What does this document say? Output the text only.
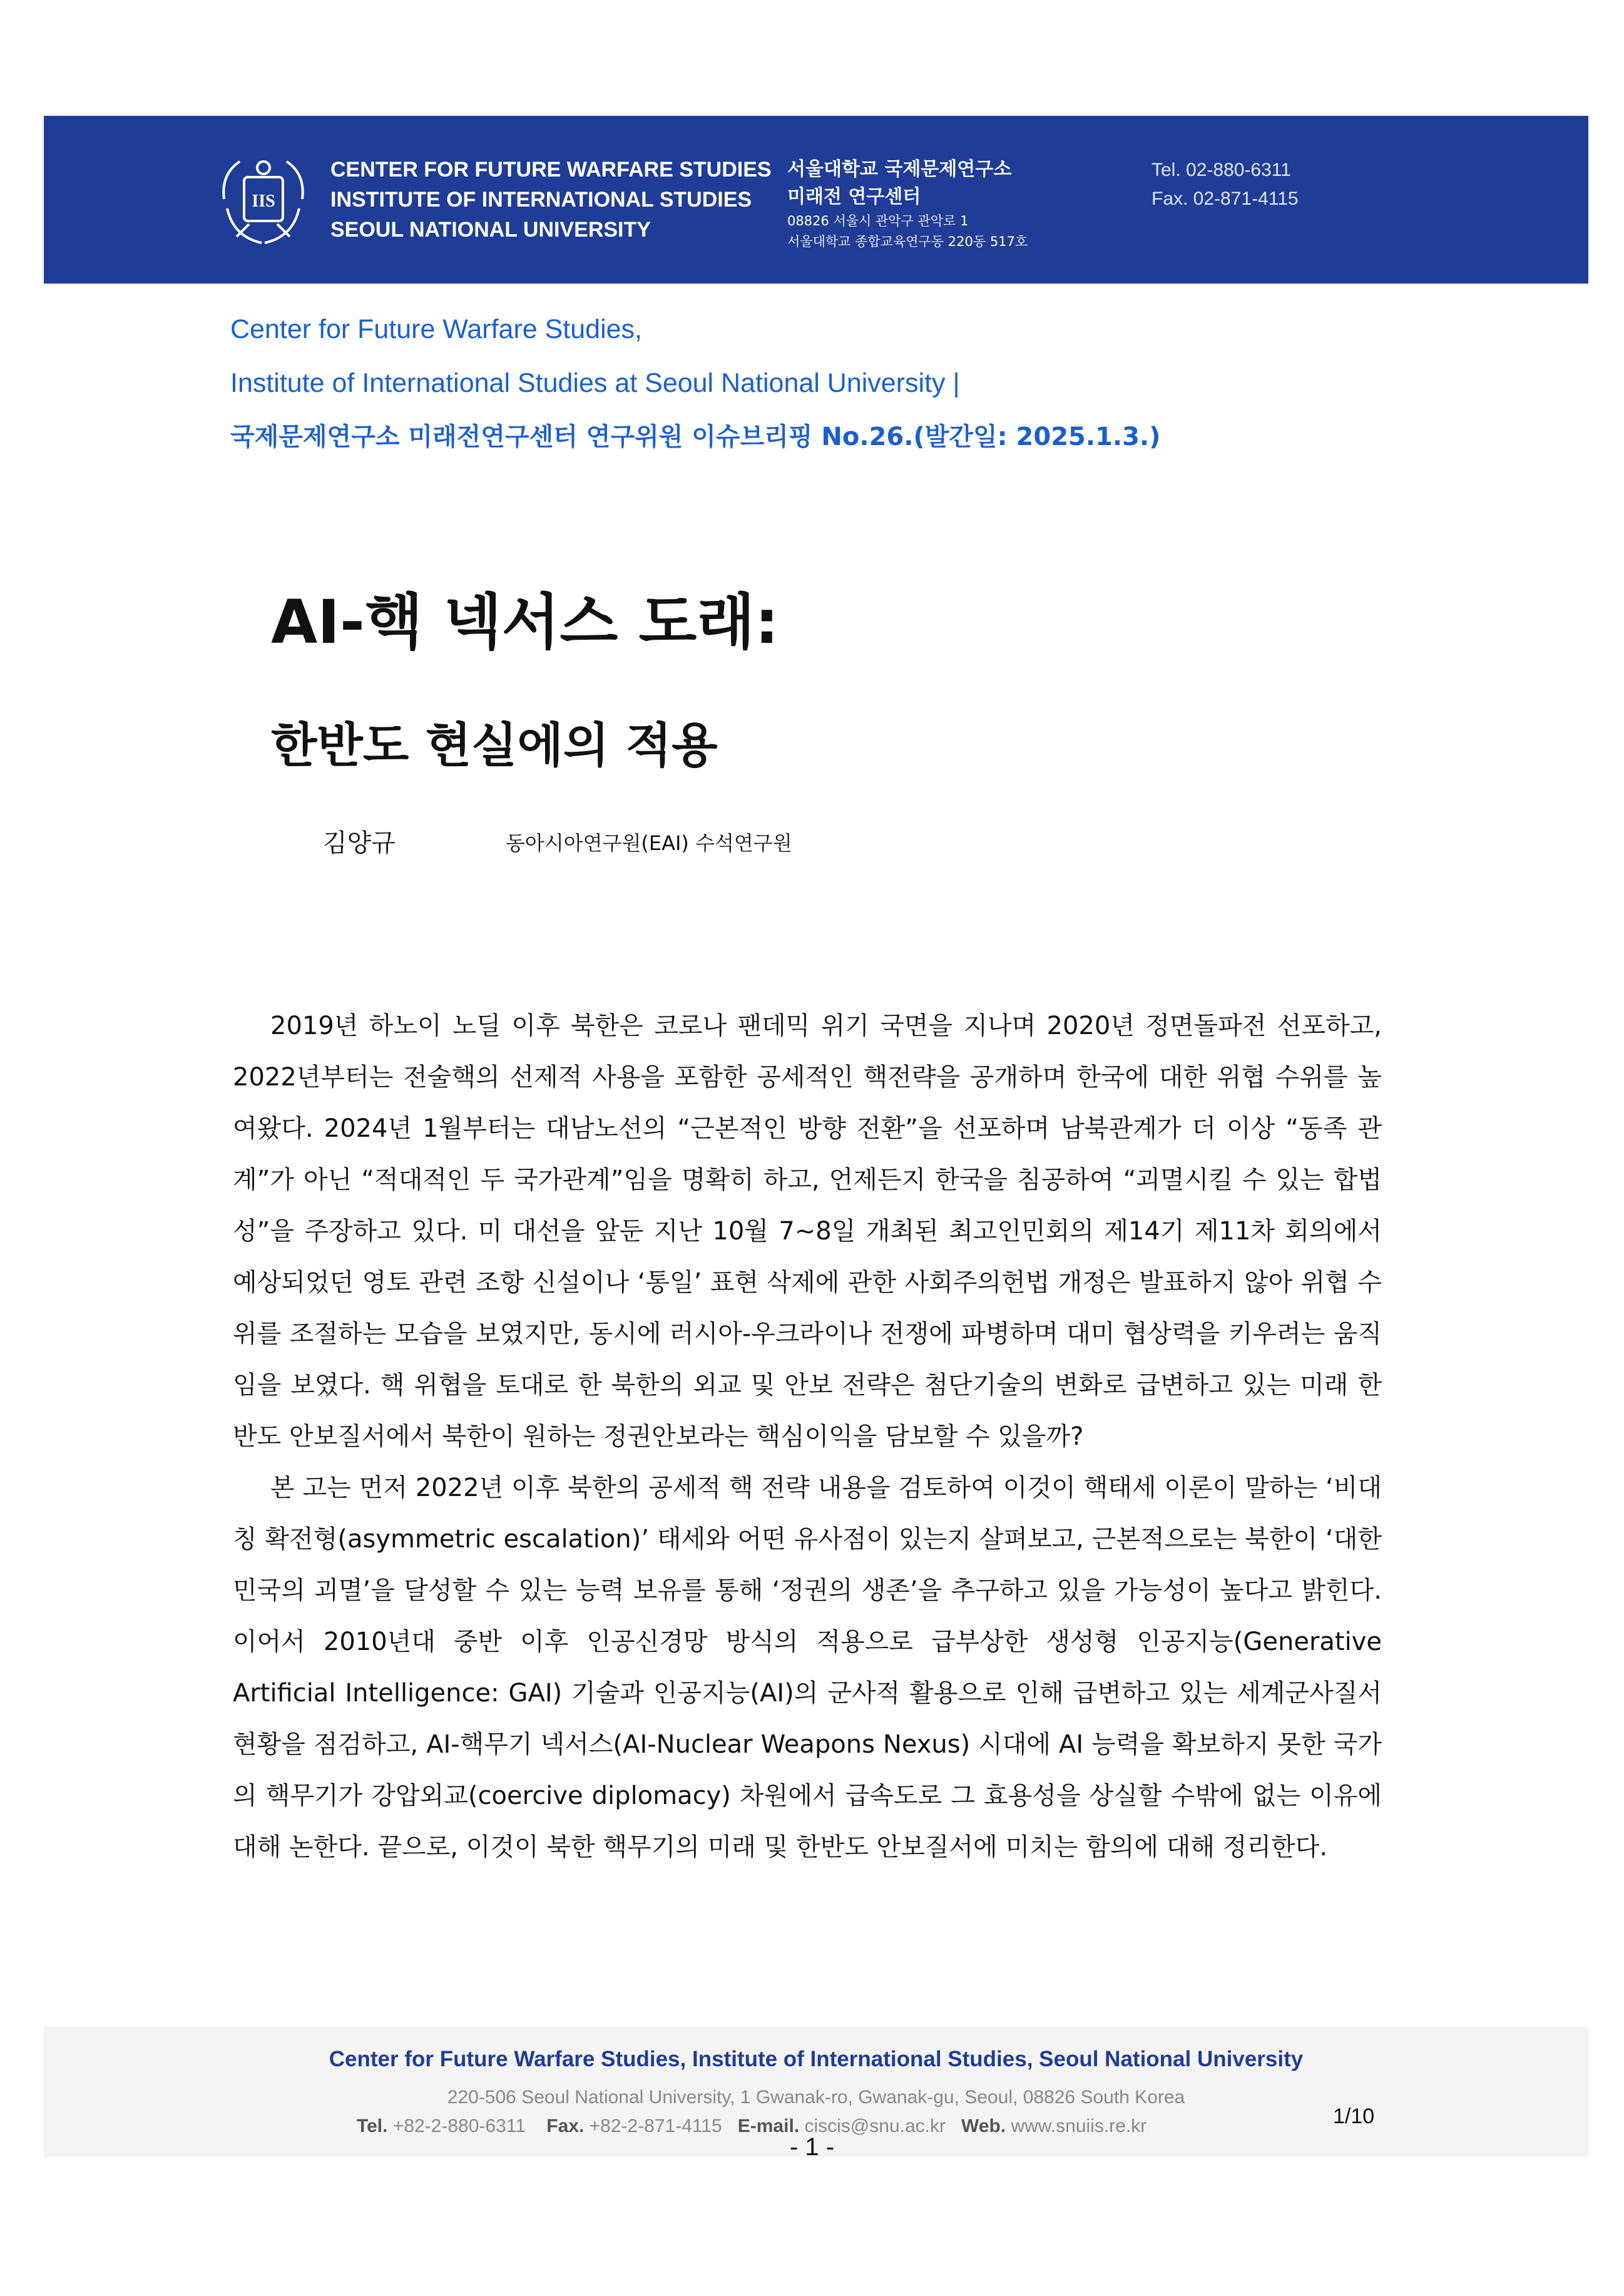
IIS
CENTER FOR FUTURE WARFARE STUDIES
INSTITUTE OF INTERNATIONAL STUDIES
SEOUL NATIONAL UNIVERSITY
서울대학교 국제문제연구소
미래전 연구센터
08826 서울시 관악구 관악로 1
서울대학교 종합교육연구동 220동 517호
Tel. 02-880-6311
Fax. 02-871-4115
Center for Future Warfare Studies,
Institute of International Studies at Seoul National University |
국제문제연구소 미래전연구센터 연구위원 이슈브리핑 No.26.(발간일: 2025.1.3.)
AI-핵 넥서스 도래:
한반도 현실에의 적용
김양규	동아시아연구원(EAI) 수석연구원

2019년 하노이 노딜 이후 북한은 코로나 팬데믹 위기 국면을 지나며 2020년 정면돌파전 선포하고, 2022년부터는 전술핵의 선제적 사용을 포함한 공세적인 핵전략을 공개하며 한국에 대한 위협 수위를 높여왔다. 2024년 1월부터는 대남노선의 “근본적인 방향 전환”을 선포하며 남북관계가 더 이상 “동족 관계”가 아닌 “적대적인 두 국가관계”임을 명확히 하고, 언제든지 한국을 침공하여 “괴멸시킬 수 있는 합법성”을 주장하고 있다. 미 대선을 앞둔 지난 10월 7~8일 개최된 최고인민회의 제14기 제11차 회의에서 예상되었던 영토 관련 조항 신설이나 ‘통일’ 표현 삭제에 관한 사회주의헌법 개정은 발표하지 않아 위협 수위를 조절하는 모습을 보였지만, 동시에 러시아-우크라이나 전쟁에 파병하며 대미 협상력을 키우려는 움직임을 보였다. 핵 위협을 토대로 한 북한의 외교 및 안보 전략은 첨단기술의 변화로 급변하고 있는 미래 한반도 안보질서에서 북한이 원하는 정권안보라는 핵심이익을 담보할 수 있을까?

본 고는 먼저 2022년 이후 북한의 공세적 핵 전략 내용을 검토하여 이것이 핵태세 이론이 말하는 ‘비대칭 확전형(asymmetric escalation)’ 태세와 어떤 유사점이 있는지 살펴보고, 근본적으로는 북한이 ‘대한민국의 괴멸’을 달성할 수 있는 능력 보유를 통해 ‘정권의 생존’을 추구하고 있을 가능성이 높다고 밝힌다. 이어서 2010년대 중반 이후 인공신경망 방식의 적용으로 급부상한 생성형 인공지능(Generative Artificial Intelligence: GAI) 기술과 인공지능(AI)의 군사적 활용으로 인해 급변하고 있는 세계군사질서 현황을 점검하고, AI-핵무기 넥서스(AI-Nuclear Weapons Nexus) 시대에 AI 능력을 확보하지 못한 국가의 핵무기가 강압외교(coercive diplomacy) 차원에서 급속도로 그 효용성을 상실할 수밖에 없는 이유에 대해 논한다. 끝으로, 이것이 북한 핵무기의 미래 및 한반도 안보질서에 미치는 함의에 대해 정리한다.

Center for Future Warfare Studies, Institute of International Studies, Seoul National University
220-506 Seoul National University, 1 Gwanak-ro, Gwanak-gu, Seoul, 08826 South Korea
Tel. +82-2-880-6311 Fax. +82-2-871-4115 E-mail. ciscis@snu.ac.kr Web. www.snuiis.re.kr	1/10
- 1 -
